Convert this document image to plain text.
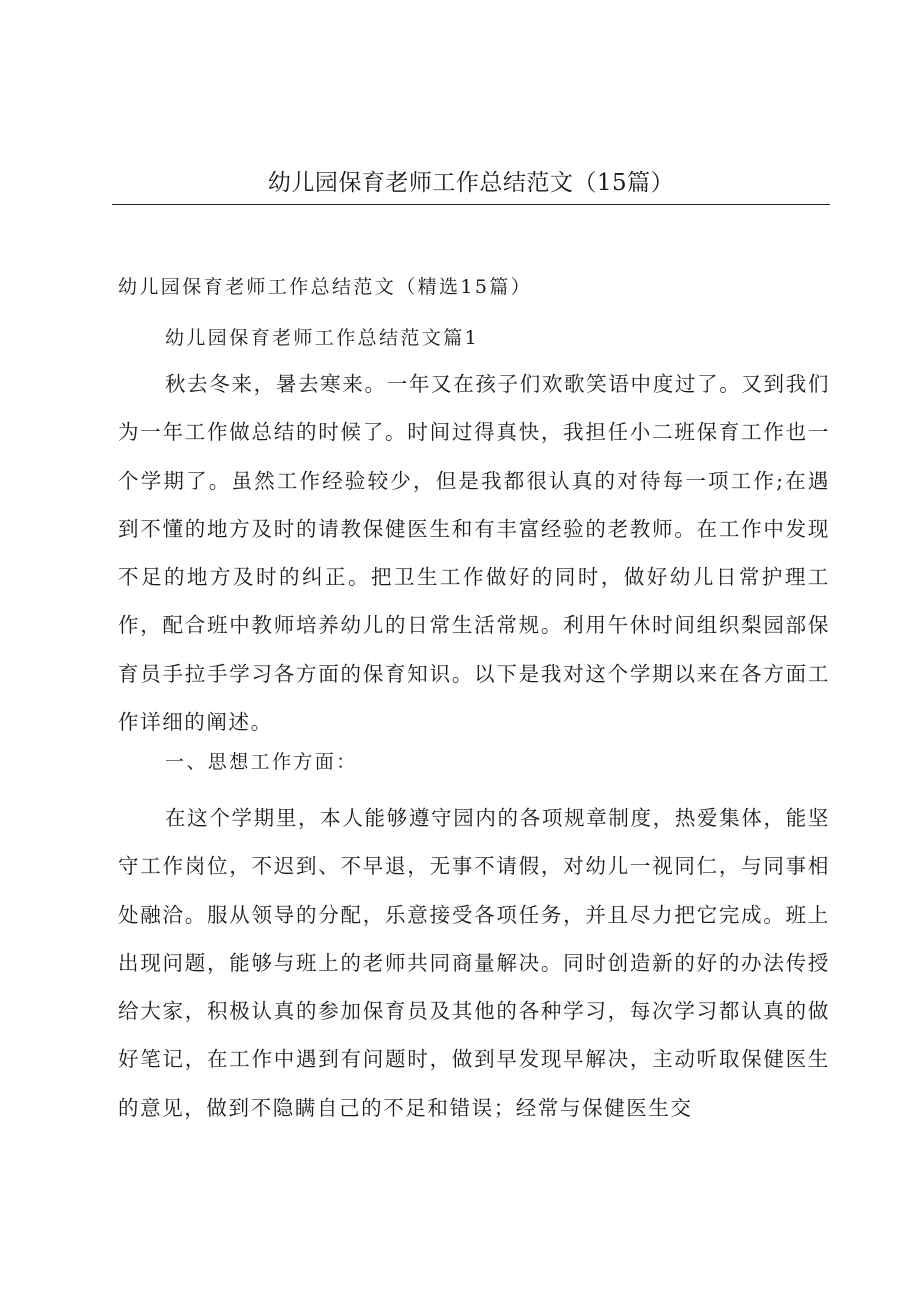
幼儿园保育老师工作总结范文（15篇）
幼儿园保育老师工作总结范文（精选15篇）
幼儿园保育老师工作总结范文篇1

秋去冬来，暑去寒来。一年又在孩子们欢歌笑语中度过了。又到我们为一年工作做总结的时候了。时间过得真快，我担任小二班保育工作也一个学期了。虽然工作经验较少，但是我都很认真的对待每一项工作;在遇到不懂的地方及时的请教保健医生和有丰富经验的老教师。在工作中发现不足的地方及时的纠正。把卫生工作做好的同时，做好幼儿日常护理工作，配合班中教师培养幼儿的日常生活常规。利用午休时间组织梨园部保育员手拉手学习各方面的保育知识。以下是我对这个学期以来在各方面工作详细的阐述。

一、思想工作方面：

在这个学期里，本人能够遵守园内的各项规章制度，热爱集体，能坚守工作岗位，不迟到、不早退，无事不请假，对幼儿一视同仁，与同事相处融洽。服从领导的分配，乐意接受各项任务，并且尽力把它完成。班上出现问题，能够与班上的老师共同商量解决。同时创造新的好的办法传授给大家，积极认真的参加保育员及其他的各种学习，每次学习都认真的做好笔记，在工作中遇到有问题时，做到早发现早解决，主动听取保健医生的意见，做到不隐瞒自己的不足和错误；经常与保健医生交
